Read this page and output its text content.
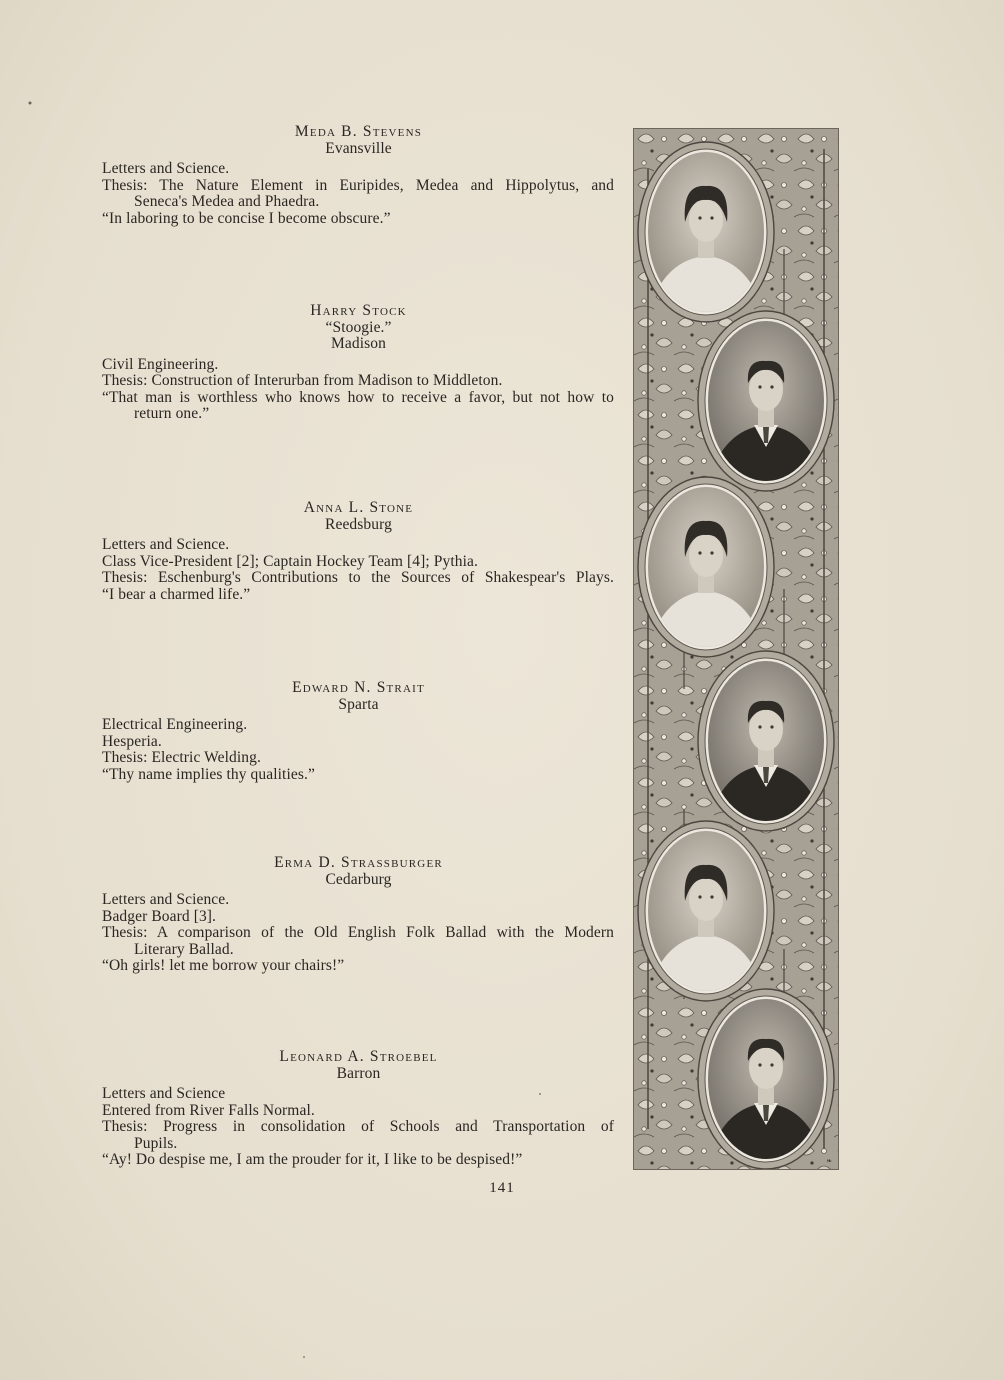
Meda B. Stevens
Evansville
Letters and Science.
Thesis: The Nature Element in Euripides, Medea and Hippolytus, and
Seneca's Medea and Phaedra.
“In laboring to be concise I become obscure.”
Harry Stock
“Stoogie.”
Madison
Civil Engineering.
Thesis: Construction of Interurban from Madison to Middleton.
“That man is worthless who knows how to receive a favor, but not how to
return one.”
Anna L. Stone
Reedsburg
Letters and Science.
Class Vice-President [2]; Captain Hockey Team [4]; Pythia.
Thesis: Eschenburg's Contributions to the Sources of Shakespear's Plays.
“I bear a charmed life.”
Edward N. Strait
Sparta
Electrical Engineering.
Hesperia.
Thesis: Electric Welding.
“Thy name implies thy qualities.”
Erma D. Strassburger
Cedarburg
Letters and Science.
Badger Board [3].
Thesis: A comparison of the Old English Folk Ballad with the Modern
Literary Ballad.
“Oh girls! let me borrow your chairs!”
Leonard A. Stroebel
Barron
Letters and Science
Entered from River Falls Normal.
Thesis: Progress in consolidation of Schools and Transportation of
Pupils.
“Ay! Do despise me, I am the prouder for it, I like to be despised!”
141
❧
